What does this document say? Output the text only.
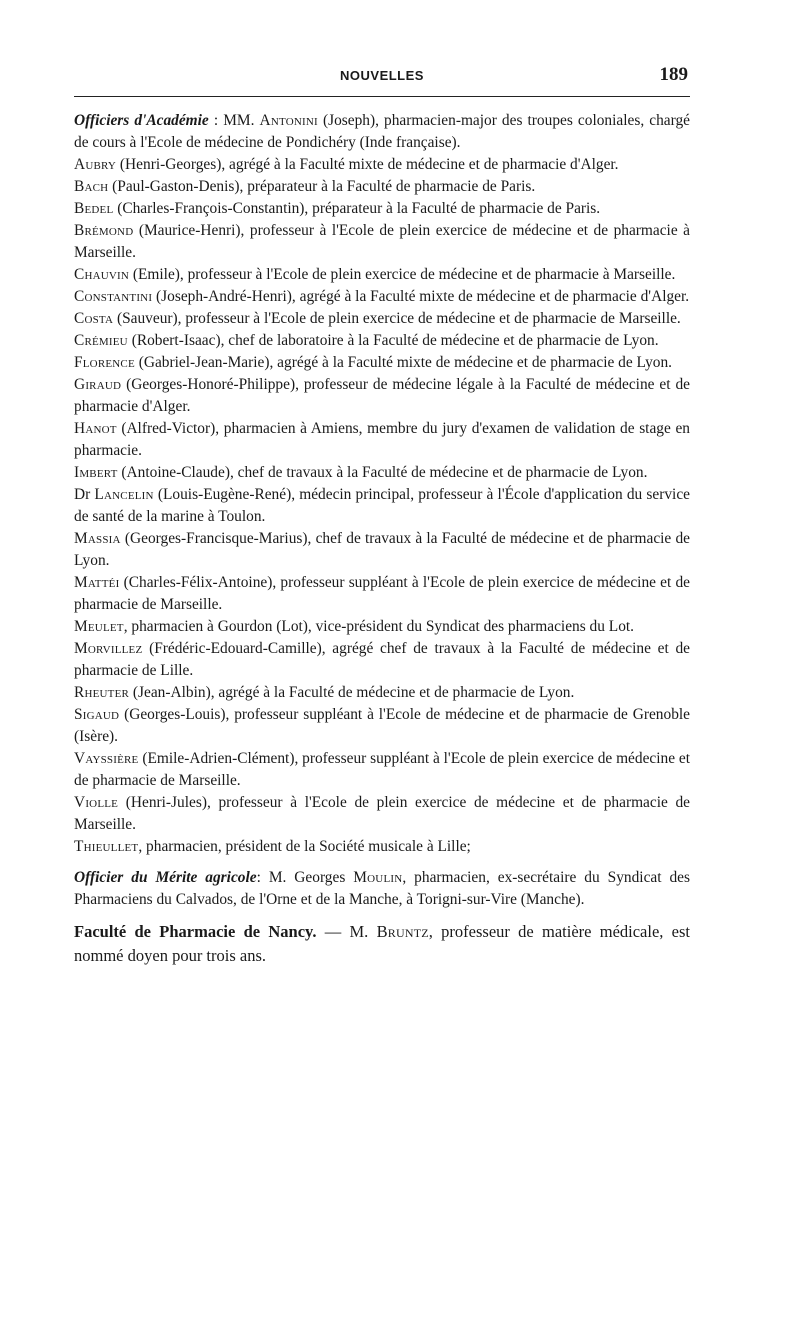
NOUVELLES	189

Officiers d'Académie : MM. Antonini (Joseph), pharmacien-major des troupes coloniales, chargé de cours à l'Ecole de médecine de Pondichéry (Inde française).

Aubry (Henri-Georges), agrégé à la Faculté mixte de médecine et de pharmacie d'Alger.

Bach (Paul-Gaston-Denis), préparateur à la Faculté de pharmacie de Paris.

Bedel (Charles-François-Constantin), préparateur à la Faculté de pharmacie de Paris.

Brémond (Maurice-Henri), professeur à l'Ecole de plein exercice de médecine et de pharmacie à Marseille.

Chauvin (Emile), professeur à l'Ecole de plein exercice de médecine et de pharmacie à Marseille.

Constantini (Joseph-André-Henri), agrégé à la Faculté mixte de médecine et de pharmacie d'Alger.

Costa (Sauveur), professeur à l'Ecole de plein exercice de médecine et de pharmacie de Marseille.

Crémieu (Robert-Isaac), chef de laboratoire à la Faculté de médecine et de pharmacie de Lyon.

Florence (Gabriel-Jean-Marie), agrégé à la Faculté mixte de médecine et de pharmacie de Lyon.

Giraud (Georges-Honoré-Philippe), professeur de médecine légale à la Faculté de médecine et de pharmacie d'Alger.

Hanot (Alfred-Victor), pharmacien à Amiens, membre du jury d'examen de validation de stage en pharmacie.

Imbert (Antoine-Claude), chef de travaux à la Faculté de médecine et de pharmacie de Lyon.

Dr Lancelin (Louis-Eugène-René), médecin principal, professeur à l'École d'application du service de santé de la marine à Toulon.

Massia (Georges-Francisque-Marius), chef de travaux à la Faculté de médecine et de pharmacie de Lyon.

Mattéi (Charles-Félix-Antoine), professeur suppléant à l'Ecole de plein exercice de médecine et de pharmacie de Marseille.

Meulet, pharmacien à Gourdon (Lot), vice-président du Syndicat des pharmaciens du Lot.

Morvillez (Frédéric-Edouard-Camille), agrégé chef de travaux à la Faculté de médecine et de pharmacie de Lille.

Rheuter (Jean-Albin), agrégé à la Faculté de médecine et de pharmacie de Lyon.

Sigaud (Georges-Louis), professeur suppléant à l'Ecole de médecine et de pharmacie de Grenoble (Isère).

Vayssière (Emile-Adrien-Clément), professeur suppléant à l'Ecole de plein exercice de médecine et de pharmacie de Marseille.

Violle (Henri-Jules), professeur à l'Ecole de plein exercice de médecine et de pharmacie de Marseille.

Thieullet, pharmacien, président de la Société musicale à Lille;

Officier du Mérite agricole: M. Georges Moulin, pharmacien, ex-secrétaire du Syndicat des Pharmaciens du Calvados, de l'Orne et de la Manche, à Torigni-sur-Vire (Manche).

Faculté de Pharmacie de Nancy. — M. Bruntz, professeur de matière médicale, est nommé doyen pour trois ans.
